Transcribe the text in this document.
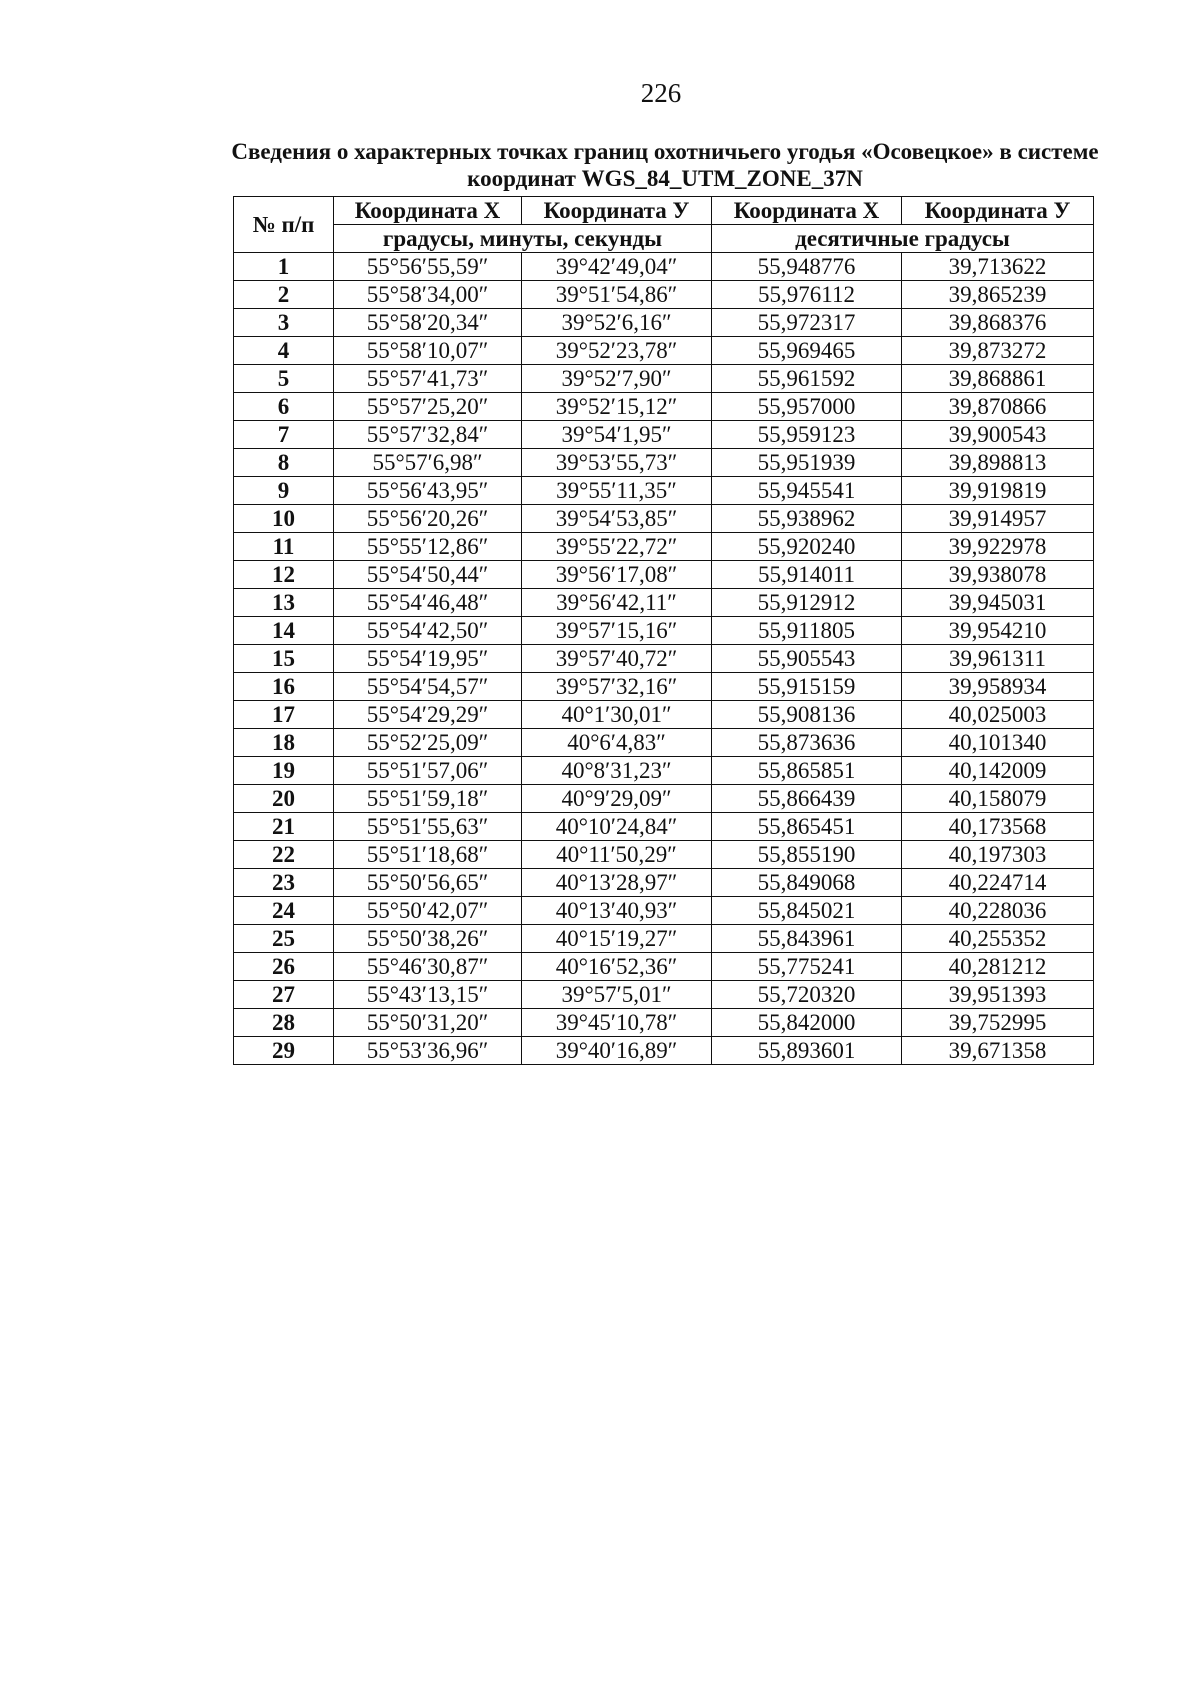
226
Сведения о характерных точках границ охотничьего угодья «Осовецкое» в системе координат WGS_84_UTM_ZONE_37N
№ п/п	Координата X	Координата У	Координата X	Координата У
	градусы, минуты, секунды		десятичные градусы	
1	55°56′55,59″	39°42′49,04″	55,948776	39,713622
2	55°58′34,00″	39°51′54,86″	55,976112	39,865239
3	55°58′20,34″	39°52′6,16″	55,972317	39,868376
4	55°58′10,07″	39°52′23,78″	55,969465	39,873272
5	55°57′41,73″	39°52′7,90″	55,961592	39,868861
6	55°57′25,20″	39°52′15,12″	55,957000	39,870866
7	55°57′32,84″	39°54′1,95″	55,959123	39,900543
8	55°57′6,98″	39°53′55,73″	55,951939	39,898813
9	55°56′43,95″	39°55′11,35″	55,945541	39,919819
10	55°56′20,26″	39°54′53,85″	55,938962	39,914957
11	55°55′12,86″	39°55′22,72″	55,920240	39,922978
12	55°54′50,44″	39°56′17,08″	55,914011	39,938078
13	55°54′46,48″	39°56′42,11″	55,912912	39,945031
14	55°54′42,50″	39°57′15,16″	55,911805	39,954210
15	55°54′19,95″	39°57′40,72″	55,905543	39,961311
16	55°54′54,57″	39°57′32,16″	55,915159	39,958934
17	55°54′29,29″	40°1′30,01″	55,908136	40,025003
18	55°52′25,09″	40°6′4,83″	55,873636	40,101340
19	55°51′57,06″	40°8′31,23″	55,865851	40,142009
20	55°51′59,18″	40°9′29,09″	55,866439	40,158079
21	55°51′55,63″	40°10′24,84″	55,865451	40,173568
22	55°51′18,68″	40°11′50,29″	55,855190	40,197303
23	55°50′56,65″	40°13′28,97″	55,849068	40,224714
24	55°50′42,07″	40°13′40,93″	55,845021	40,228036
25	55°50′38,26″	40°15′19,27″	55,843961	40,255352
26	55°46′30,87″	40°16′52,36″	55,775241	40,281212
27	55°43′13,15″	39°57′5,01″	55,720320	39,951393
28	55°50′31,20″	39°45′10,78″	55,842000	39,752995
29	55°53′36,96″	39°40′16,89″	55,893601	39,671358
